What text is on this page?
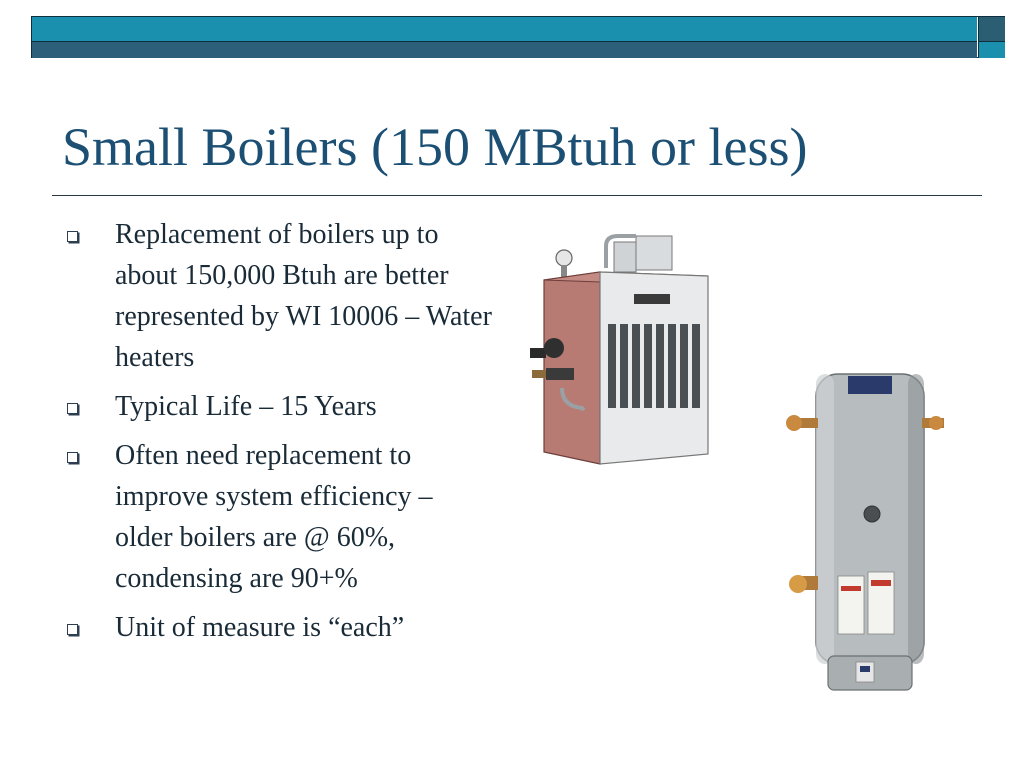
Small Boilers (150 MBtuh or less)
Replacement of boilers up to about 150,000 Btuh are better represented by WI 10006 – Water heaters
Typical Life – 15 Years
Often need replacement to improve system efficiency – older boilers are @ 60%, condensing are 90+%
Unit of measure is “each”
